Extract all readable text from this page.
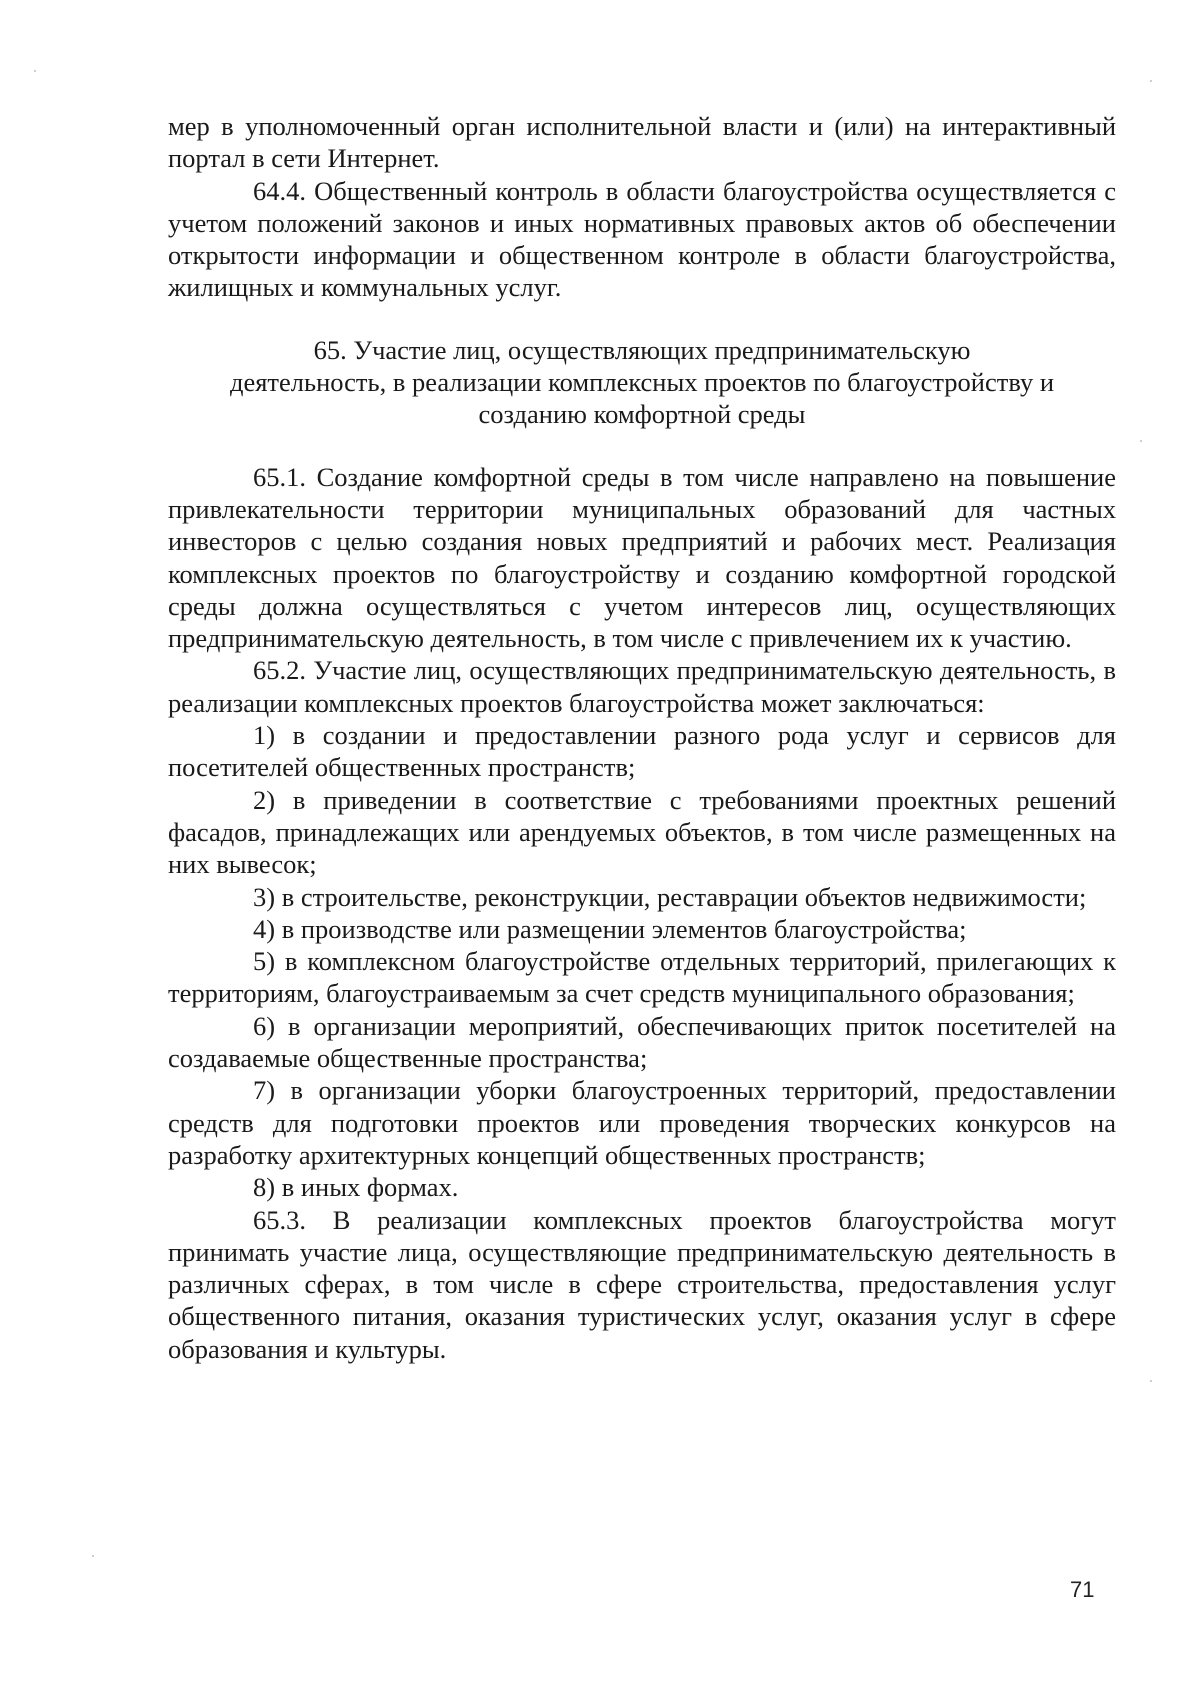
мер в уполномоченный орган исполнительной власти и (или) на интерактивный портал в сети Интернет.

64.4. Общественный контроль в области благоустройства осуществляется с учетом положений законов и иных нормативных правовых актов об обеспечении открытости информации и общественном контроле в области благоустройства, жилищных и коммунальных услуг.

65. Участие лиц, осуществляющих предпринимательскую
деятельность, в реализации комплексных проектов по благоустройству и
созданию комфортной среды

65.1. Создание комфортной среды в том числе направлено на повышение привлекательности территории муниципальных образований для частных инвесторов с целью создания новых предприятий и рабочих мест. Реализация комплексных проектов по благоустройству и созданию комфортной городской среды должна осуществляться с учетом интересов лиц, осуществляющих предпринимательскую деятельность, в том числе с привлечением их к участию.

65.2. Участие лиц, осуществляющих предпринимательскую деятельность, в реализации комплексных проектов благоустройства может заключаться:

1) в создании и предоставлении разного рода услуг и сервисов для посетителей общественных пространств;

2) в приведении в соответствие с требованиями проектных решений фасадов, принадлежащих или арендуемых объектов, в том числе размещенных на них вывесок;

3) в строительстве, реконструкции, реставрации объектов недвижимости;

4) в производстве или размещении элементов благоустройства;

5) в комплексном благоустройстве отдельных территорий, прилегающих к территориям, благоустраиваемым за счет средств муниципального образования;

6) в организации мероприятий, обеспечивающих приток посетителей на создаваемые общественные пространства;

7) в организации уборки благоустроенных территорий, предоставлении средств для подготовки проектов или проведения творческих конкурсов на разработку архитектурных концепций общественных пространств;

8) в иных формах.

65.3. В реализации комплексных проектов благоустройства могут принимать участие лица, осуществляющие предпринимательскую деятельность в различных сферах, в том числе в сфере строительства, предоставления услуг общественного питания, оказания туристических услуг, оказания услуг в сфере образования и культуры.

71
